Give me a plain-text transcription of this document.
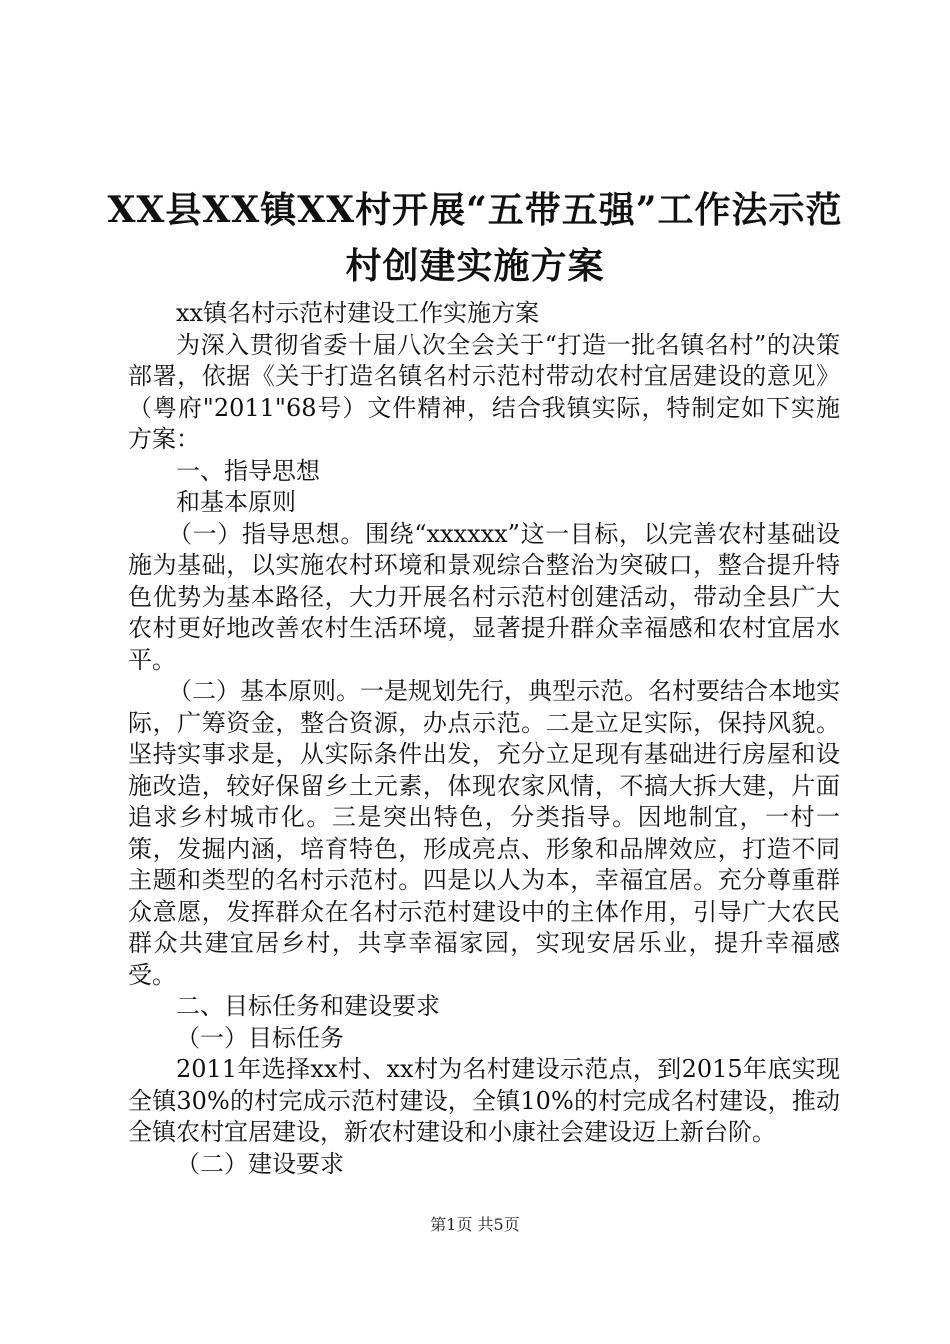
XX县XX镇XX村开展“五带五强”工作法示范
村创建实施方案

xx镇名村示范村建设工作实施方案

为深入贯彻省委十届八次全会关于“打造一批名镇名村”的决策部署，依据《关于打造名镇名村示范村带动农村宜居建设的意见》（粤府"2011"68号）文件精神，结合我镇实际，特制定如下实施方案：

一、指导思想

和基本原则

（一）指导思想。围绕“xxxxxx”这一目标，以完善农村基础设施为基础，以实施农村环境和景观综合整治为突破口，整合提升特色优势为基本路径，大力开展名村示范村创建活动，带动全县广大农村更好地改善农村生活环境，显著提升群众幸福感和农村宜居水平。

（二）基本原则。一是规划先行，典型示范。名村要结合本地实际，广筹资金，整合资源，办点示范。二是立足实际，保持风貌。坚持实事求是，从实际条件出发，充分立足现有基础进行房屋和设施改造，较好保留乡土元素，体现农家风情，不搞大拆大建，片面追求乡村城市化。三是突出特色，分类指导。因地制宜，一村一策，发掘内涵，培育特色，形成亮点、形象和品牌效应，打造不同主题和类型的名村示范村。四是以人为本，幸福宜居。充分尊重群众意愿，发挥群众在名村示范村建设中的主体作用，引导广大农民群众共建宜居乡村，共享幸福家园，实现安居乐业，提升幸福感受。

二、目标任务和建设要求

（一）目标任务

2011年选择xx村、xx村为名村建设示范点，到2015年底实现全镇30%的村完成示范村建设，全镇10%的村完成名村建设，推动全镇农村宜居建设，新农村建设和小康社会建设迈上新台阶。

（二）建设要求

第1页 共5页
